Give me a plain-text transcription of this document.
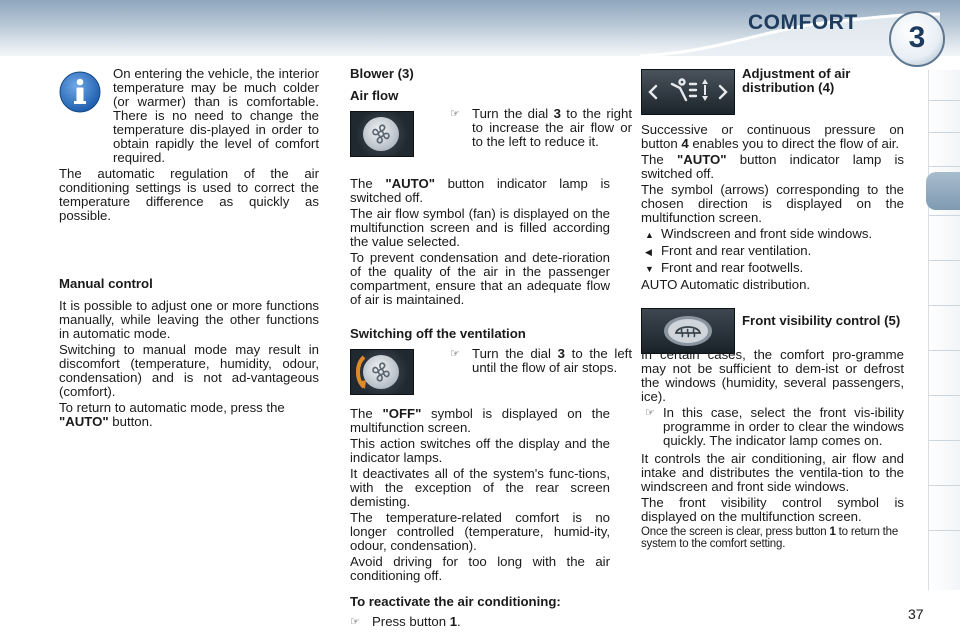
COMFORT	3

On entering the vehicle, the interior temperature may be much colder (or warmer) than is comfortable. There is no need to change the temperature dis-played in order to obtain rapidly the level of comfort required.

The automatic regulation of the air conditioning settings is used to correct the temperature difference as quickly as possible.

Manual control

It is possible to adjust one or more functions manually, while leaving the other functions in automatic mode.

Switching to manual mode may result in discomfort (temperature, humidity, odour, condensation) and is not ad-vantageous (comfort).

To return to automatic mode, press the
"AUTO" button.

Blower (3)

Air flow

☞ Turn the dial 3 to the right to increase the air flow or to the left to reduce it.

The "AUTO" button indicator lamp is switched off.

The air flow symbol (fan) is displayed on the multifunction screen and is filled according the value selected.

To prevent condensation and dete-rioration of the quality of the air in the passenger compartment, ensure that an adequate flow of air is maintained.

Switching off the ventilation

☞ Turn the dial 3 to the left until the flow of air stops.

The "OFF" symbol is displayed on the multifunction screen.

This action switches off the display and the indicator lamps.

It deactivates all of the system's func-tions, with the exception of the rear screen demisting.

The temperature-related comfort is no longer controlled (temperature, humid-ity, odour, condensation).

Avoid driving for too long with the air conditioning off.

To reactivate the air conditioning:

☞ Press button 1.

Adjustment of air distribution (4)

Successive or continuous pressure on button 4 enables you to direct the flow of air.

The "AUTO" button indicator lamp is switched off.

The symbol (arrows) corresponding to the chosen direction is displayed on the multifunction screen.

▲ Windscreen and front side windows.
◀ Front and rear ventilation.
▼ Front and rear footwells.

AUTO Automatic distribution.

Front visibility control (5)

In certain cases, the comfort pro-gramme may not be sufficient to dem-ist or defrost the windows (humidity, several passengers, ice).

☞ In this case, select the front vis-ibility programme in order to clear the windows quickly. The indicator lamp comes on.

It controls the air conditioning, air flow and intake and distributes the ventila-tion to the windscreen and front side windows.

The front visibility control symbol is displayed on the multifunction screen.

Once the screen is clear, press button 1 to return the system to the comfort setting.

37
